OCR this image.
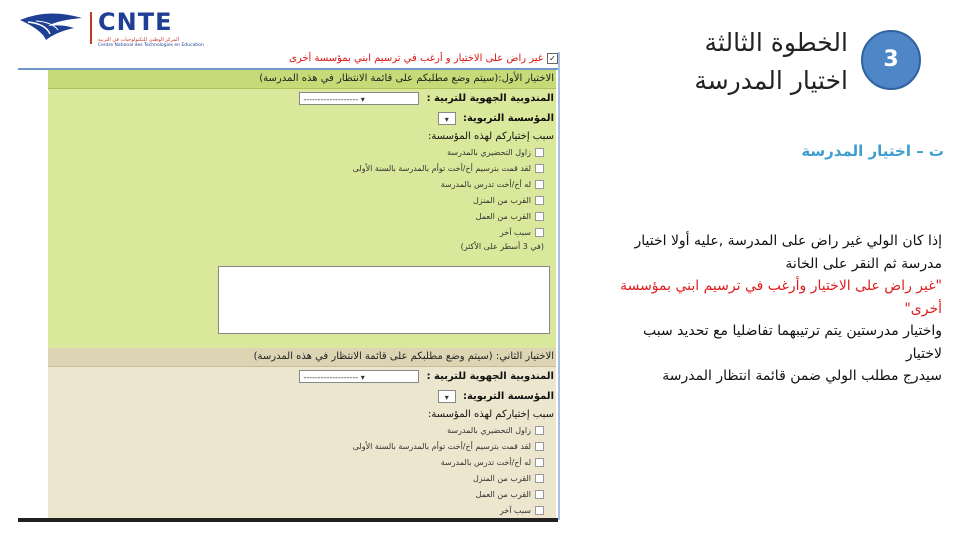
CNTE
المركز الوطني للتكنولوجيات في التربية
Centre National des Technologies en Education
✓غير راض على الاختيار و أرغب في ترسيم ابني بمؤسسة أخرى
الاختيار الأول:(سيتم وضع مطلبكم على قائمة الانتظار في هذه المدرسة)
المندوبية الجهوية للتربية : ------------------- ▾
المؤسسة التربوية: ▾
سبب إختياركم لهذه المؤسسة:
زاول التحضيري بالمدرسة
لقد قمت بترسيم أخ/أخت توأم بالمدرسة بالسنة الأولى
له أخ/أخت تدرس بالمدرسة
القرب من المنزل
القرب من العمل
سبب آخر
(في 3 أسطر على الأكثر)
الاختيار الثاني: (سيتم وضع مطلبكم على قائمة الانتظار في هذه المدرسة)
المندوبية الجهوية للتربية : ------------------- ▾
المؤسسة التربوية: ▾
سبب إختياركم لهذه المؤسسة:
زاول التحضيري بالمدرسة
لقد قمت بترسيم أخ/أخت توأم بالمدرسة بالسنة الأولى
له أخ/أخت تدرس بالمدرسة
القرب من المنزل
القرب من العمل
سبب آخر
3
الخطوة الثالثة
اختيار المدرسة
ت – اختيار المدرسة
إذا كان الولي غير راض على المدرسة ,عليه أولا اختيار مدرسة ثم النقر على الخانة
"غير راض على الاختيار وأرغب في ترسيم ابني بمؤسسة أخرى"
واختيار مدرستين يتم ترتيبهما تفاضليا مع تحديد سبب لاختيار
سيدرج مطلب الولي ضمن قائمة انتظار المدرسة
